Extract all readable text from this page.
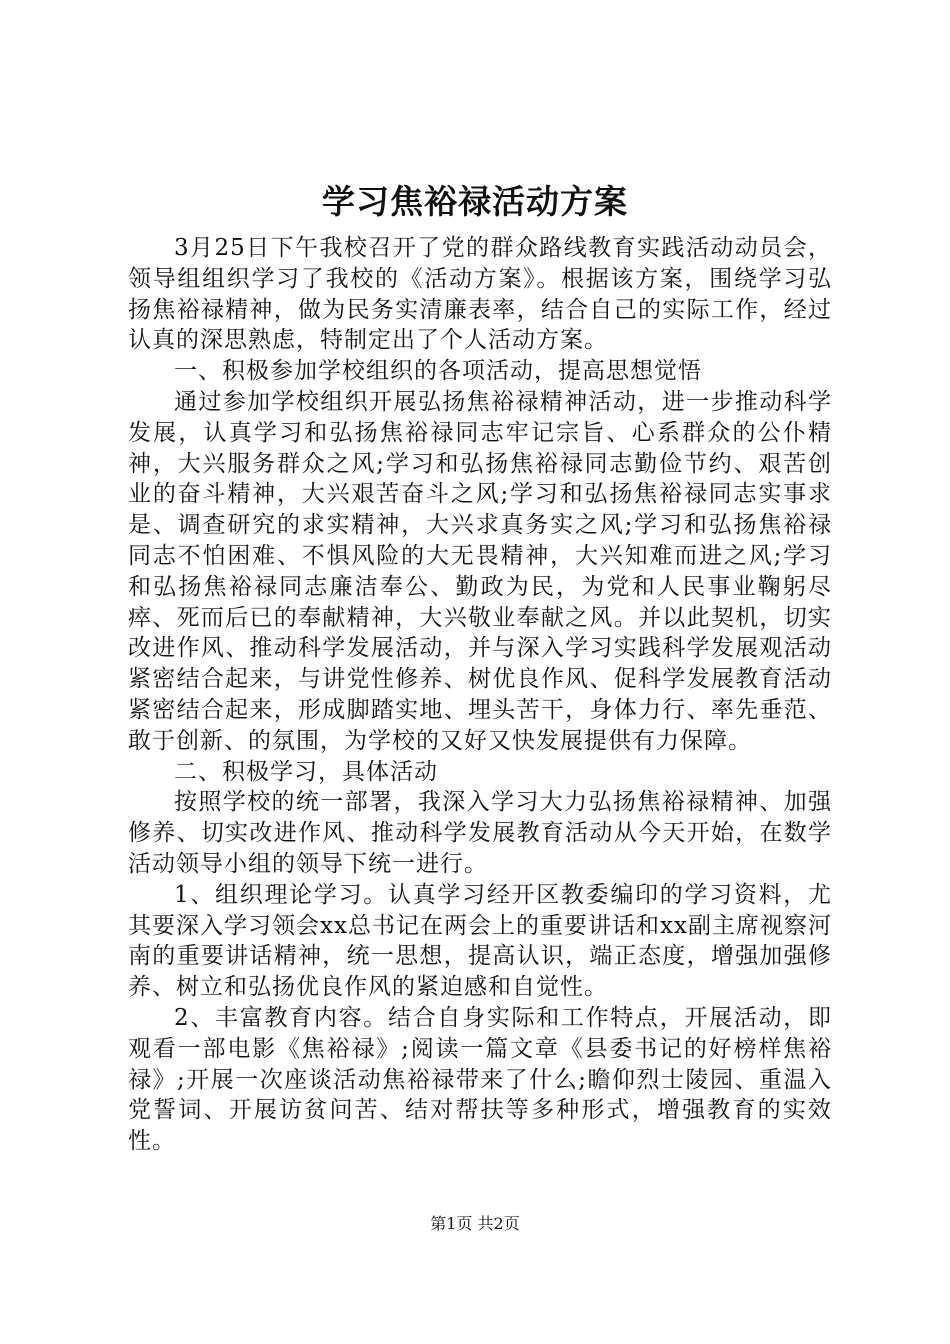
学习焦裕禄活动方案

3月25日下午我校召开了党的群众路线教育实践活动动员会，领导组组织学习了我校的《活动方案》。根据该方案，围绕学习弘扬焦裕禄精神，做为民务实清廉表率，结合自己的实际工作，经过认真的深思熟虑，特制定出了个人活动方案。

一、积极参加学校组织的各项活动，提高思想觉悟

通过参加学校组织开展弘扬焦裕禄精神活动，进一步推动科学发展，认真学习和弘扬焦裕禄同志牢记宗旨、心系群众的公仆精神，大兴服务群众之风;学习和弘扬焦裕禄同志勤俭节约、艰苦创业的奋斗精神，大兴艰苦奋斗之风;学习和弘扬焦裕禄同志实事求是、调查研究的求实精神，大兴求真务实之风;学习和弘扬焦裕禄同志不怕困难、不惧风险的大无畏精神，大兴知难而进之风;学习和弘扬焦裕禄同志廉洁奉公、勤政为民，为党和人民事业鞠躬尽瘁、死而后已的奉献精神，大兴敬业奉献之风。并以此契机，切实改进作风、推动科学发展活动，并与深入学习实践科学发展观活动紧密结合起来，与讲党性修养、树优良作风、促科学发展教育活动紧密结合起来，形成脚踏实地、埋头苦干，身体力行、率先垂范、敢于创新、的氛围，为学校的又好又快发展提供有力保障。

二、积极学习，具体活动

按照学校的统一部署，我深入学习大力弘扬焦裕禄精神、加强修养、切实改进作风、推动科学发展教育活动从今天开始，在数学活动领导小组的领导下统一进行。

1、组织理论学习。认真学习经开区教委编印的学习资料，尤其要深入学习领会xx总书记在两会上的重要讲话和xx副主席视察河南的重要讲话精神，统一思想，提高认识，端正态度，增强加强修养、树立和弘扬优良作风的紧迫感和自觉性。

2、丰富教育内容。结合自身实际和工作特点，开展活动，即观看一部电影《焦裕禄》;阅读一篇文章《县委书记的好榜样焦裕禄》;开展一次座谈活动焦裕禄带来了什么;瞻仰烈士陵园、重温入党誓词、开展访贫问苦、结对帮扶等多种形式，增强教育的实效性。

第1页 共2页
